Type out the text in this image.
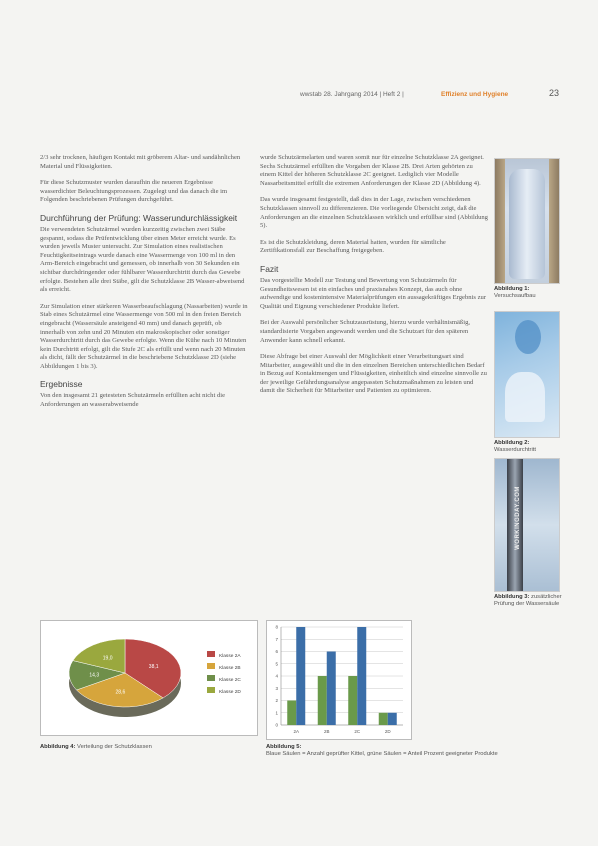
wwstab 28. Jahrgang 2014 | Heft 2 |	Effizienz und Hygiene	23

2/3 sehr trocknen, häufigen Kontakt mit gröberem Altar- und sandähnlichen Material und Flüssigkeiten.

Für diese Schutzmuster wurden daraufhin die neueren Ergebnisse wasserdichter Beleuchtungsprozessen. Zugelegt und das danach die im Folgenden beschriebenen Prüfungen durchgeführt.

Durchführung der Prüfung: Wasserundurchlässigkeit

Die verwendeten Schutzärmel wurden kurzzeitig zwischen zwei Stäbe gespannt, sodass die Prüfentwicklung über einen Meter erreicht wurde. Es wurden jeweils Muster untersucht. Zur Simulation eines realistischen Feuchtigkeitseintrags wurde danach eine Wassermenge von 100 ml in den Arm-Bereich eingebracht und gemessen, ob innerhalb von 30 Sekunden ein sichtbar durchdringender oder fühlbarer Wasserdurchtritt durch das Gewebe erfolgte. Bestehen alle drei Stäbe, gilt die Schutzklasse 2B Wasser-abweisend als erreicht.

Zur Simulation einer stärkeren Wasserbeaufschlagung (Nassarbeiten) wurde in Stab eines Schutzärmel eine Wassermenge von 500 ml in den freien Bereich eingebracht (Wassersäule ansteigend 40 mm) und danach geprüft, ob innerhalb von zehn und 20 Minuten ein makroskopischer oder sonstiger Wasserdurchtritt durch das Gewebe erfolgte. Wenn die Kühe nach 10 Minuten kein Durchtritt erfolgt, gilt die Stufe 2C als erfüllt und wenn nach 20 Minuten als dicht, fällt der Schutzärmel in die beschriebene Schutzklasse 2D (siehe Abbildungen 1 bis 3).

Ergebnisse

Von den insgesamt 21 getesteten Schutzärmeln erfüllten acht nicht die Anforderungen an wasserabweisende

wurde Schutzärmelarten und waren somit nur für einzelne Schutzklasse 2A geeignet. Sechs Schutzärmel erfüllten die Vorgaben der Klasse 2B. Drei Arten gehörten zu einem Kittel der höheren Schutzklasse 2C geeignet. Lediglich vier Modelle Nassarbeitsmittel erfüllt die extremen Anforderungen der Klasse 2D (Abbildung 4).

Das wurde insgesamt festgestellt, daß dies in der Lage, zwischen verschiedenen Schutzklassen sinnvoll zu differenzieren. Die vorliegende Übersicht zeigt, daß die Anforderungen an die einzelnen Schutzklassen wirklich und erfüllbar sind (Abbildung 5).

Es ist die Schutzkleidung, deren Material hatten, wurden für sämtliche Zertifikationsfall zur Beschaffung freigegeben.

Fazit

Das vorgestellte Modell zur Testung und Bewertung von Schutzärmeln für Gesundheitswesen ist ein einfaches und praxisnahes Konzept, das auch ohne aufwendige und kostenintensive Materialprüfungen ein aussagekräftiges Ergebnis zur Qualität und Eignung verschiedener Produkte liefert.

Bei der Auswahl persönlicher Schutzausrüstung, hierzu wurde verhältnismäßig, standardisierte Vorgaben angewandt werden und die Schutzart für den späteren Anwender kann schnell erkannt.

Diese Abfrage bei einer Auswahl der Möglichkeit einer Verarbeitungsart sind Mitarbeiter, ausgewählt und die in den einzelnen Bereichen unterschiedlichen Bedarf in Bezug auf Kontaktmengen und Flüssigkeiten, einheitlich sind einzelne sinnvolle zu der jeweilige Gefährdungsanalyse angepassten Schutzmaßnahmen zu leisten und damit die Sicherheit für Mitarbeiter und Patienten zu optimieren.

Abbildung 1: Versuchsaufbau
Abbildung 2: Wasserdurchtritt
WORKINGDAY.COM
Abbildung 3: zusätzlicher Prüfung der Wassersäule
38,1
28,6
14,3
19,0	Klasse 2A
Klasse 2B
Klasse 2C
Klasse 2D
Abbildung 4: Verteilung der Schutzklassen
0
1
2
3
4
5
6
7
8
2A	2B	2C	2D
Abbildung 5:
Blaue Säulen = Anzahl geprüfter Kittel, grüne Säulen = Anteil Prozent geeigneter Produkte
